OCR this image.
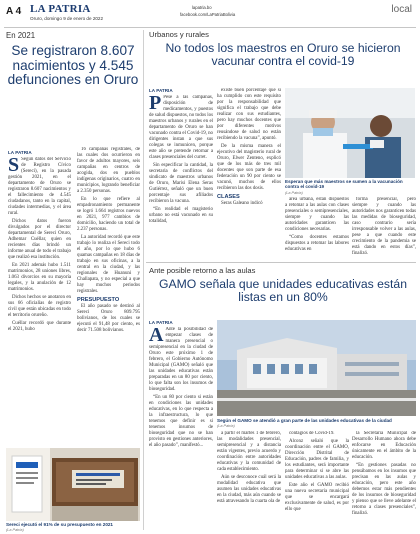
A 4 LA PATRIA
Oruro, domingo 9 de enero de 2022
lapatria.bo
facebook.com/LaPatriaBolivia	local
En 2021
Se registraron 8.607 nacimientos y 4.545 defunciones en Oruro
LA PATRIA
S Según datos del Servicio de Registro Cívico (Sereci), en la pasada gestión 2021, en el departamento de Oruro se registraron 8.607 nacimientos y el fallecimiento de 4.545 ciudadanos, tanto en la capital, ciudades intermedias, y el área rural.

Dichos datos fueron divulgados por el director departamental de Sereci Oruro, Adhemar Cuéllar, quien en recientes días brindó un informe anual de todo el trabajo que realizó esa institución.

En 2021 además hubo 1.511 matrimonios, 28 uniones libres, 1.063 divorcios en su mayoría legales, y la anulación de 12 matrimonios.

Dichos hechos se anotaron en sus 66 oficialías de registro civil que están ubicadas en todo el territorio orureño.

Cuéllar recordó que durante el 2021, hubo

16 campañas registrales, de las cuales dos ocurrieron en favor de adultos mayores, seis campañas en centros de acogida, dos en pueblos indígenas originarios, cuatro en municipios, logrando beneficiar a 2.350 personas.

En lo que refiere al empadronamiento permanente se logró 1.664 registros nuevos en 2021, 977 cambios de domicilio, haciendo un total de 2.237 personas.

La autoridad recordó que este trabajo lo realiza el Sereci todo el año, por lo que hubo 6 quamas campañas en 18 días de trabajo en sus oficinas, a la central en la ciudad, y las regionales de Huanuni y Challapata, y no especial a que hay muchos periodos registrales.

PRESUPUESTO

El año pasado se destinó al Sereci Oruro 809.795 bolivianos, de los cuales se ejecutó el 91,48 por ciento, es decir 71.508 bolivianos.

Sereci ejecutó el 91% de su presupuesto en 2021
(La Patria)
Urbanos y rurales
No todos los maestros en Oruro se hicieron vacunar contra el covid-19
LA PATRIA
P Pese a las campañas, disposición de medicamentos, y puestos de salud dispuestos, no todos los maestros urbanos y rurales en el departamento de Oruro se han vacunado contra el Covid-19, no dirigentes instan a que sus colegas se inmunicen, porque este año se pretende retornar a clases presenciales del curret.

Sin especificar la cantidad, la secretaria de conflictos del sindicato de maestros urbanos de Oruro, Marisi Elena Seras Gutiérrez, señaló que un buen porcentaje sus afiliados recibieron la vacuna.

“En realidad el magisterio urbano no está vacunado en su totalidad,

existe buen porcentaje que sí ha cumplido con este requisito por la responsabilidad que significa el trabajo que debe realizar con sus estudiantes, pero hay muchos docentes que por diferentes motivos reusándose de salud no están recibiendo la vacuna”, apuntó.

De la misma manera el ejecutivo del magisterio rural de Oruro, Elwer Zenteno, explicó que de los más de tres mil docentes que son parte de esa federación un 90 por ciento se vacunó, muchos de ellos recibieron las dos dosis.

CLASES

Seras Galeano indicó

Esperan que más maestros se sumen a la vacunación contra el covid-19
(La Patria)

área urbana, están dispuestos a retomar a las aulas con clases presenciales o semipresenciales, siempre y cuando las autoridades garanticen las condiciones necesarias.

“Como docentes estamos dispuestos a retomar las labores educativas en

forma presencial, pero siempre y cuando las autoridades nos garanticen todas las medidas de bioseguridad, caso contrario sería irresponsable volver a las aulas, pese a que cuando este crecimiento de la pandemia se está dando en estos días”, finalizó.

Ante posible retorno a las aulas
GAMO señala que unidades educativas están listas en un 80%
LA PATRIA
A Ante la posibilidad de empezar clases de manera presencial o semipresencial en la ciudad de Oruro este próximo 1 de febrero, el Gobierno Autónomo Municipal (GAMO) señaló que las unidades educativas están preparadas en un 80 por ciento, lo que falta son los insumos de bioseguridad.

“En un 80 por ciento si están en condiciones las unidades educativas, en lo que respecta a la infraestructura, lo que tenemos que definir es si tenemos insumos de bioseguridad que no se han provisto en gestiones anteriores, el año pasado”, manifestó...

Según el GAMO se atendió a gran parte de las unidades educativas de la ciudad
(La Patria)

a partir el martes 1 de febrero, las modalidades presencial, semipresencial y a distancia están vigentes, previo acuerdo y coordinación entre autoridades educativas y la comunidad de cada establecimiento.

Aún se desconoce cuál será la modalidad educativa que asumen las unidades educativas en la ciudad, más aún cuando se está atravesando la cuarta ola de

contagios de Covid-19.

Alconz señaló que la coordinación entre el GAMO, Dirección Distrital de Educación, padres de familia, y los estudiantes, será importante para determinar si se abre las unidades educativas a las aulas.

Este año el GAMO recibió una nueva secretaria municipal que se encargará exclusivamente de salud, es por ello que

la Secretaría Municipal de Desarrollo Humano ahora debe enfocarse en Educación únicamente en el ámbito de la educación.

“En gestiones pasadas no pensábamos en los insumos que precisan en las aulas y educación, pero este año debemos estar más pendientes de los insumos de bioseguridad y pienso que se lleve adelante el retorno a clases presenciales”, finalizó.
